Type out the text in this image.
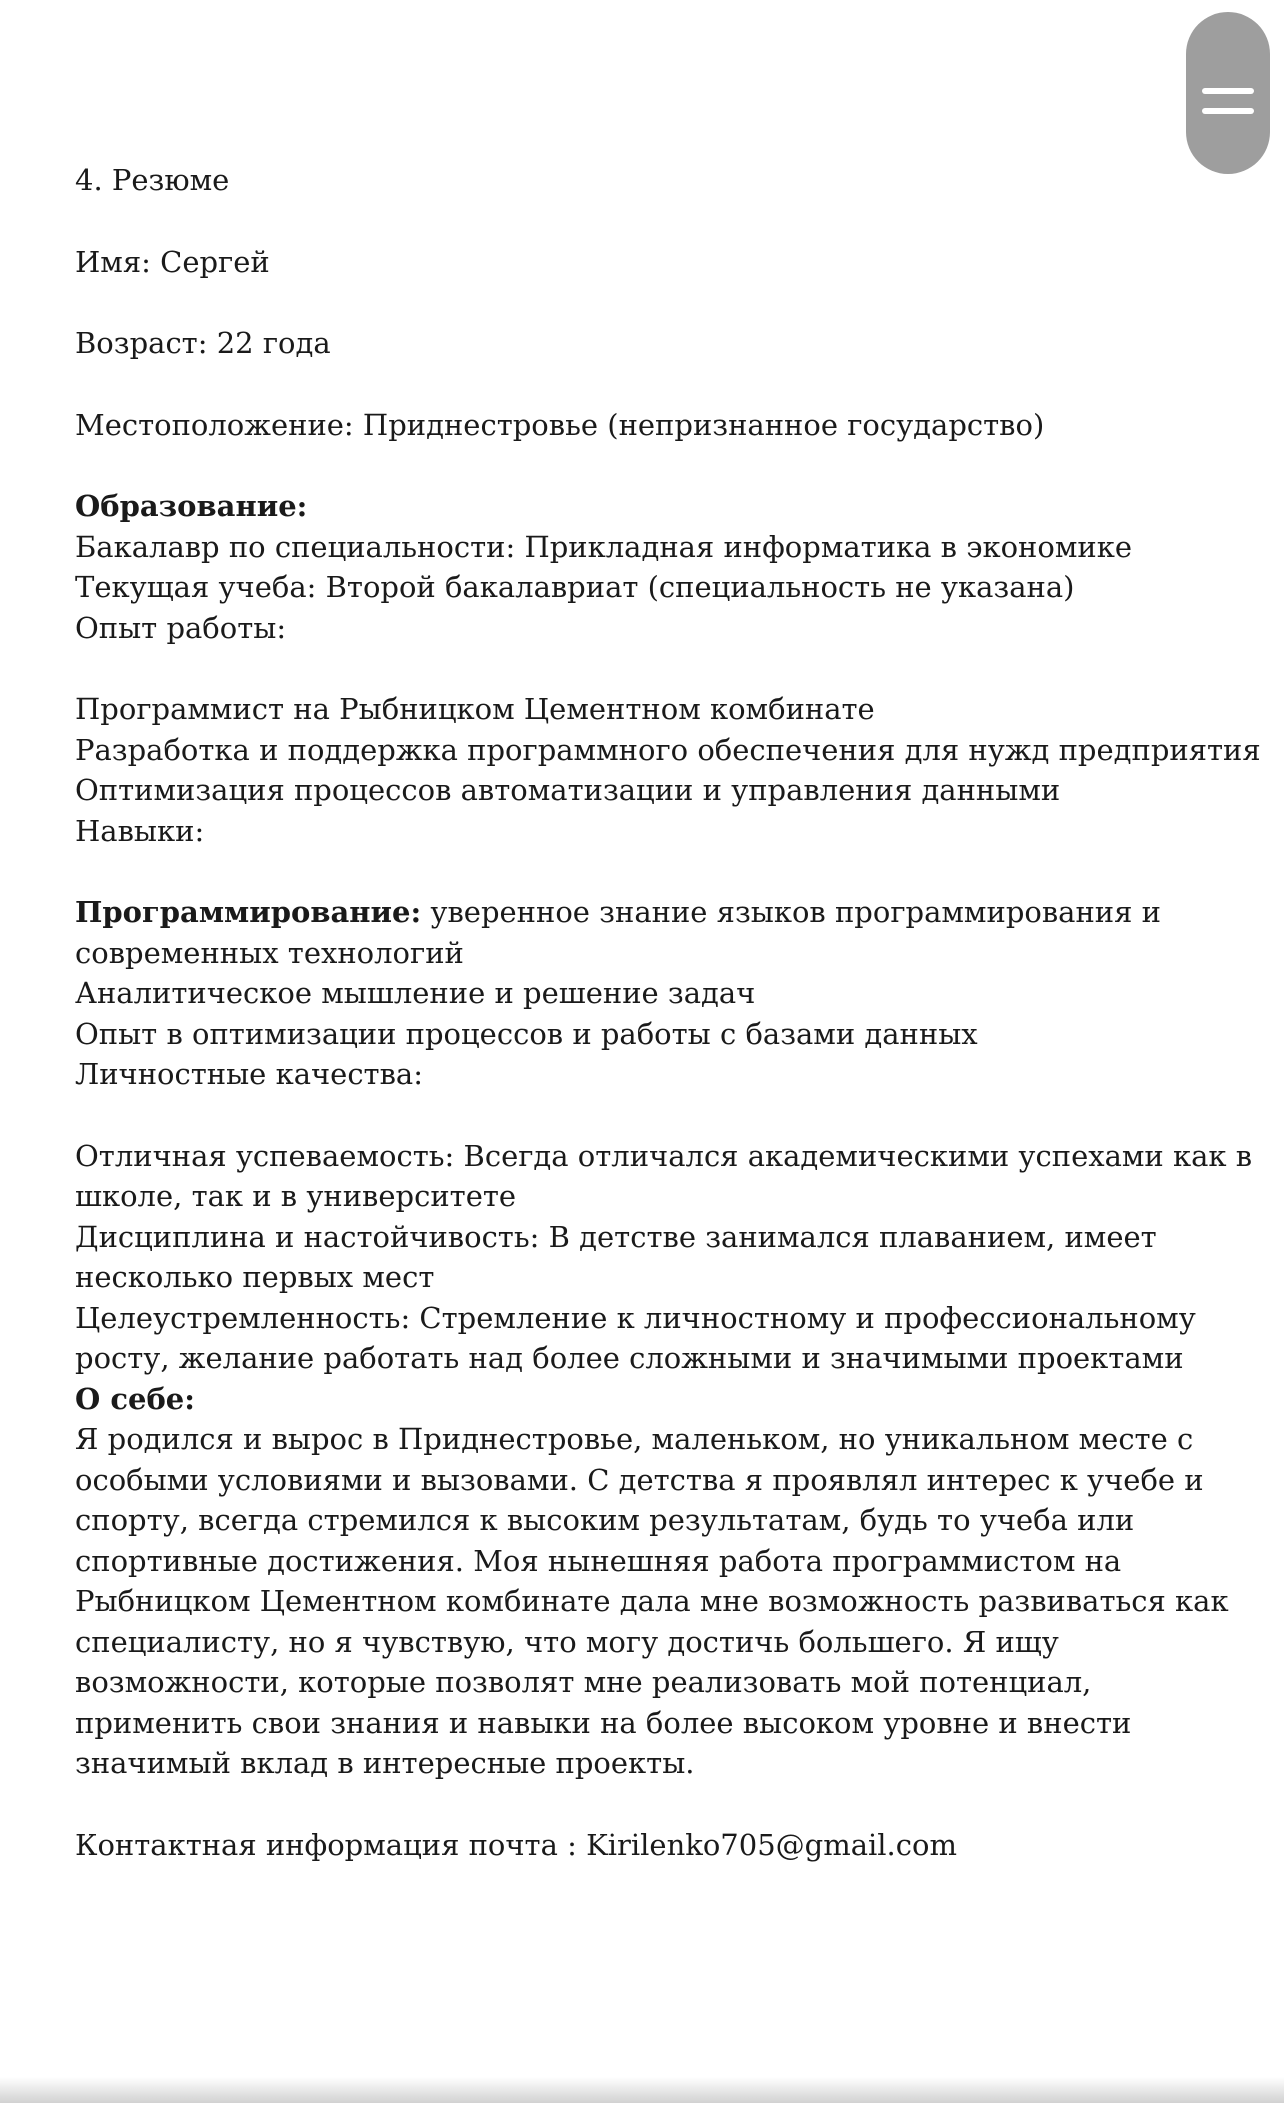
4. Резюме

Имя: Сергей

Возраст: 22 года

Местоположение: Приднестровье (непризнанное государство)

Образование:

Бакалавр по специальности: Прикладная информатика в экономике

Текущая учеба: Второй бакалавриат (специальность не указана)

Опыт работы:

Программист на Рыбницком Цементном комбинате

Разработка и поддержка программного обеспечения для нужд предприятия

Оптимизация процессов автоматизации и управления данными

Навыки:

Программирование: уверенное знание языков программирования и

современных технологий

Аналитическое мышление и решение задач

Опыт в оптимизации процессов и работы с базами данных

Личностные качества:

Отличная успеваемость: Всегда отличался академическими успехами как в

школе, так и в университете

Дисциплина и настойчивость: В детстве занимался плаванием, имеет

несколько первых мест

Целеустремленность: Стремление к личностному и профессиональному

росту, желание работать над более сложными и значимыми проектами

О себе:

Я родился и вырос в Приднестровье, маленьком, но уникальном месте с

особыми условиями и вызовами. С детства я проявлял интерес к учебе и

спорту, всегда стремился к высоким результатам, будь то учеба или

спортивные достижения. Моя нынешняя работа программистом на

Рыбницком Цементном комбинате дала мне возможность развиваться как

специалисту, но я чувствую, что могу достичь большего. Я ищу

возможности, которые позволят мне реализовать мой потенциал,

применить свои знания и навыки на более высоком уровне и внести

значимый вклад в интересные проекты.

Контактная информация почта : Kirilenko705@gmail.com
